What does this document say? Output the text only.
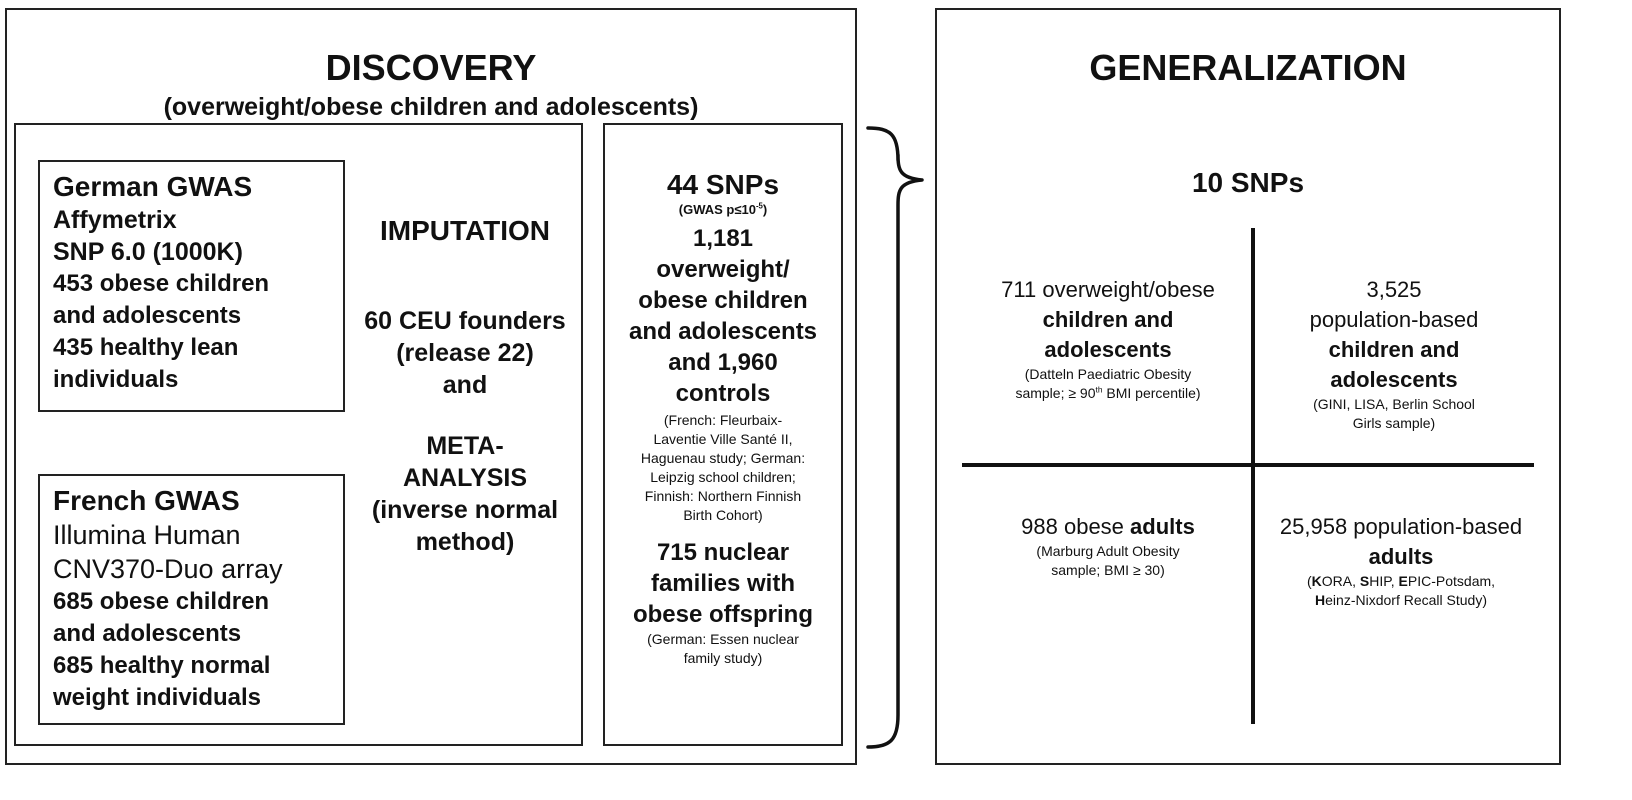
DISCOVERY
(overweight/obese children and adolescents)

German GWAS

Affymetrix

SNP 6.0 (1000K)

453 obese children

and adolescents

435 healthy lean

individuals

French GWAS

Illumina Human

CNV370-Duo array

685 obese children

and adolescents

685 healthy normal

weight individuals

IMPUTATION

60 CEU founders

(release 22)

and

META-

ANALYSIS

(inverse normal

method)

44 SNPs

(GWAS $p\le 10^{-5}$)

1,181

overweight/

obese children

and adolescents

and 1,960

controls

(French: Fleurbaix-

Laventie Ville Santé II,

Haguenau study; German:

Leipzig school children;

Finnish: Northern Finnish

Birth Cohort)

715 nuclear

families with

obese offspring

(German: Essen nuclear

family study)

GENERALIZATION
10 SNPs

711 overweight/obese

children and

adolescents

(Datteln Paediatric Obesity

sample; ≥ 90th BMI percentile)

3,525

population-based

children and

adolescents

(GINI, LISA, Berlin School

Girls sample)

988 obese adults

(Marburg Adult Obesity

sample; BMI ≥ 30)

25,958 population-based

adults

(KORA, SHIP, EPIC-Potsdam,

Heinz-Nixdorf Recall Study)
